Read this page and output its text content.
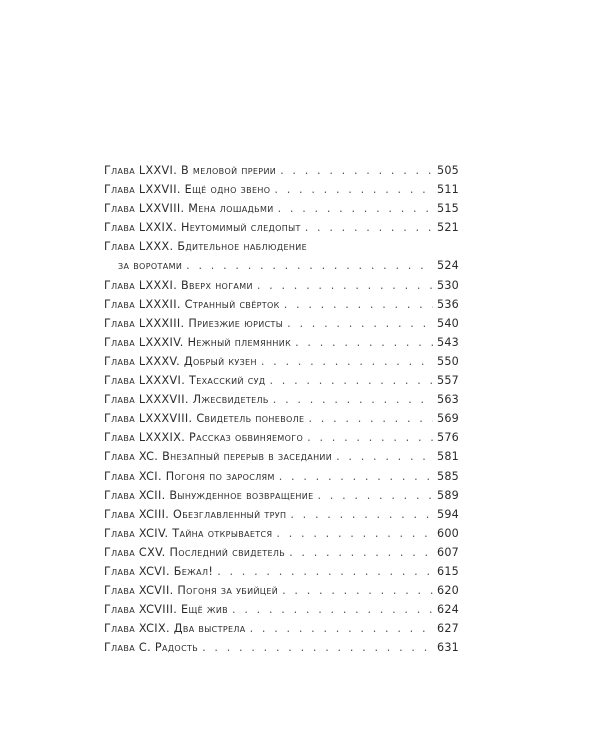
Глава LXXVI. В меловой прерии . . .	505
Глава LXXVII. Ещё одно звено . . .	511
Глава LXXVIII. Мена лошадьми . . .	515
Глава LXXIX. Неутомимый следопыт . . .	521
Глава LXXX. Бдительное наблюдение
за воротами . . .	524
Глава LXXXI. Вверх ногами . . .	530
Глава LXXXII. Странный свёрток . . .	536
Глава LXXXIII. Приезжие юристы . . .	540
Глава LXXXIV. Нежный племянник . . .	543
Глава LXXXV. Добрый кузен . . .	550
Глава LXXXVI. Техасский суд . . .	557
Глава LXXXVII. Лжесвидетель . . .	563
Глава LXXXVIII. Свидетель поневоле . . .	569
Глава LXXXIX. Рассказ обвиняемого . . .	576
Глава XC. Внезапный перерыв в заседании . . .	581
Глава XCI. Погоня по зарослям . . .	585
Глава XCII. Вынужденное возвращение . . .	589
Глава XCIII. Обезглавленный труп . . .	594
Глава XCIV. Тайна открывается . . .	600
Глава CXV. Последний свидетель . . .	607
Глава XCVI. Бежал! . . .	615
Глава XCVII. Погоня за убийцей . . .	620
Глава XCVIII. Ещё жив . . .	624
Глава XCIX. Два выстрела . . .	627
Глава C. Радость . . .	631
